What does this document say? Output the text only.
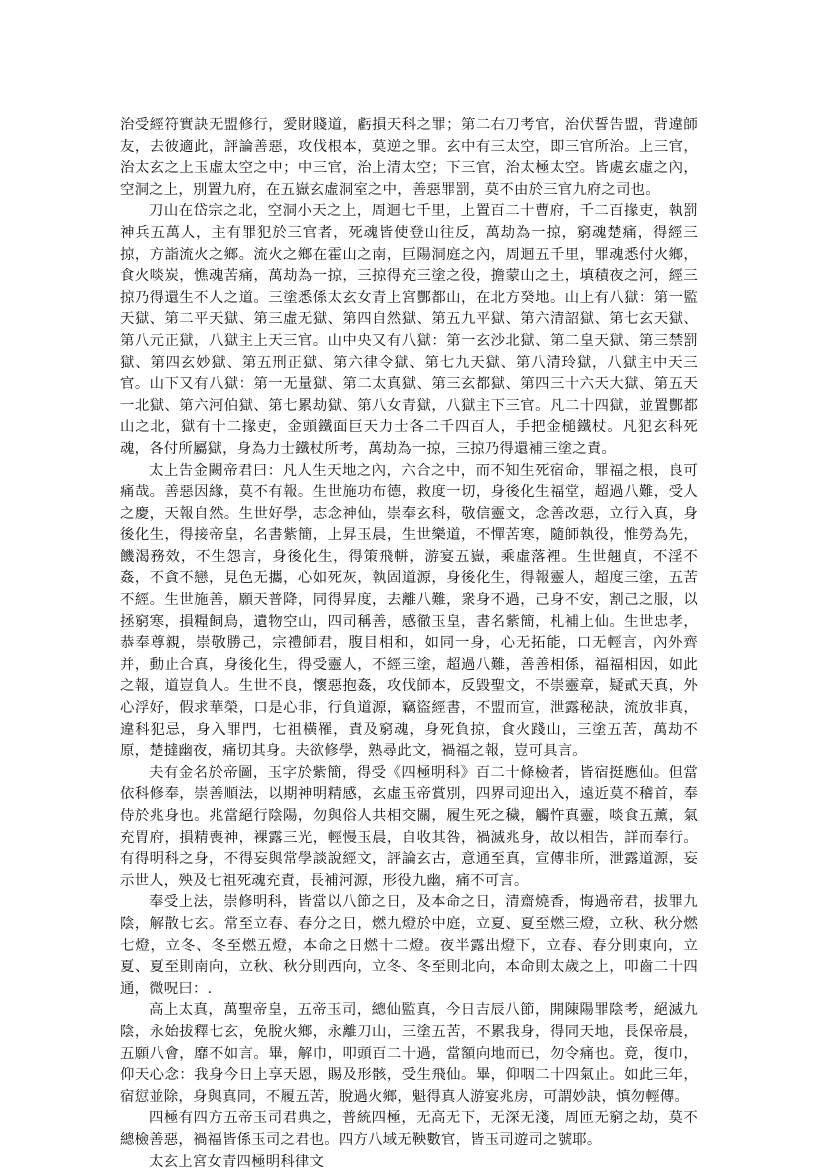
治受經符實訣无盟修行，愛財賤道，虧損天科之罪；第二右刀考官，治伏誓告盟，背違師友，去彼適此，評論善惡，攻伐根本，莫逆之罪。玄中有三太空，即三官所治。上三官，治太玄之上玉虛太空之中；中三官，治上清太空；下三官，治太極太空。皆處玄虛之內，空洞之上，別置九府，在五嶽玄虛洞室之中，善惡罪罰，莫不由於三官九府之司也。

刀山在岱宗之北，空洞小天之上，周迴七千里，上置百二十曹府，千二百掾吏，執罰神兵五萬人，主有罪犯於三官者，死魂皆使登山往反，萬劫為一掠，窮魂楚痛，得經三掠，方詣流火之鄉。流火之鄉在霍山之南，巨陽洞庭之內，周迴五千里，罪魂悉付火鄉，食火啖炭，憔魂苦痛，萬劫為一掠，三掠得充三塗之役，擔蒙山之土，填積夜之河，經三掠乃得還生不人之道。三塗悉係太玄女青上宮酆都山，在北方癸地。山上有八獄：第一監天獄、第二平天獄、第三虛无獄、第四自然獄、第五九平獄、第六清詔獄、第七玄天獄、第八元正獄，八獄主上天三官。山中央又有八獄：第一玄沙北獄、第二皇天獄、第三禁罰獄、第四玄妙獄、第五刑正獄、第六律令獄、第七九天獄、第八清玲獄，八獄主中天三官。山下又有八獄：第一无量獄、第二太真獄、第三玄都獄、第四三十六天大獄、第五天一北獄、第六河伯獄、第七累劫獄、第八女青獄，八獄主下三官。凡二十四獄，並置酆都山之北，獄有十二掾吏，金頭鐵面巨天力士各二千四百人，手把金槌鐵杖。凡犯玄科死魂，各付所屬獄，身為力士鐵杖所考，萬劫為一掠，三掠乃得還補三塗之責。

太上告金闕帝君曰：凡人生天地之內，六合之中，而不知生死宿命，罪福之根，良可痛哉。善惡因緣，莫不有報。生世施功布德，救度一切，身後化生福堂，超過八難，受人之慶，天報自然。生世好學，志念神仙，崇奉玄科，敬信靈文，念善改惡，立行入真，身後化生，得接帝皇，名書紫簡，上昇玉晨，生世樂道，不憚苦寒，隨師執役，惟勞為先，饑渴務效，不生怨言，身後化生，得策飛軿，游宴五嶽，乘虛落裡。生世翹貞，不淫不姦，不貪不戀，見色无攜，心如死灰，執固道源，身後化生，得報靈人，超度三塗，五苦不經。生世施善，願天普降，同得昇度，去離八難，衆身不過，己身不安，割己之服，以拯窮寒，損糧飼鳥，遺物空山，四司稱善，感徹玉皇，書名紫簡，札補上仙。生世忠孝，恭奉尊親，崇敬勝己，宗禮師君，腹目相和，如同一身，心无拓能，口无輕言，內外齊并，動止合真，身後化生，得受靈人，不經三塗，超過八難，善善相係，福福相因，如此之報，道豈負人。生世不良，懷惡抱姦，攻伐師本，反毀聖文，不崇靈章，疑貳天真，外心浮好，假求華榮，口是心非，行負道源，竊盜經書，不盟而宣，泄露秘訣，流放非真，違科犯忌，身入罪門，七祖橫罹，責及窮魂，身死負掠，食火踐山，三塗五苦，萬劫不原，楚撻幽夜，痛切其身。夫欲修學，熟尋此文，禍福之報，豈可具言。

夫有金名於帝圖，玉字於紫簡，得受《四極明科》百二十條檢者，皆宿挺應仙。但當依科修奉，崇善順法，以期神明精感，玄虛玉帝賞別，四界司迎出入，遠近莫不稽首，奉侍於兆身也。兆當絕行陰陽，勿與俗人共相交關，履生死之穢，觸忤真靈，啖食五薰，氣充胃府，損精喪神，裸露三光，輕慢玉晨，自收其咎，禍滅兆身，故以相告，詳而奉行。有得明科之身，不得妄與常學談說經文，評論玄古，意通至真，宣傳非所，泄露道源，妄示世人，殃及七祖死魂充責，長補河源，形役九幽，痛不可言。

奉受上法，崇修明科，皆當以八節之日，及本命之日，清齋燒香，悔過帝君，拔罪九陰，解散七玄。常至立春、春分之日，燃九燈於中庭，立夏、夏至燃三燈，立秋、秋分燃七燈，立冬、冬至燃五燈，本命之日燃十二燈。夜半露出燈下，立春、春分則東向，立夏、夏至則南向，立秋、秋分則西向，立冬、冬至則北向，本命則太歲之上，叩齒二十四通，微呪曰：.

高上太真，萬聖帝皇，五帝玉司，總仙監真，今日吉辰八節，開陳陽罪陰考，絕滅九陰，永始拔釋七玄，免脫火鄉，永離刀山，三塗五苦，不累我身，得同天地，長保帝晨，五願八會，靡不如言。畢，解巾，叩頭百二十過，當額向地而已，勿令痛也。竟，復巾，仰天心念：我身今日上享天恩，賜及形骸，受生飛仙。畢，仰咽二十四氣止。如此三年，宿愆並除，身與真同，不履五苦，脫過火鄉，魁得真人游宴兆房，可謂妙訣，慎勿輕傳。

四極有四方五帝玉司君典之，普統四極，无高无下，无深无淺，周匝无窮之劫，莫不總檢善惡，禍福皆係玉司之君也。四方八域无鞅數官，皆玉司遊司之號耶。

太玄上宮女青四極明科律文
